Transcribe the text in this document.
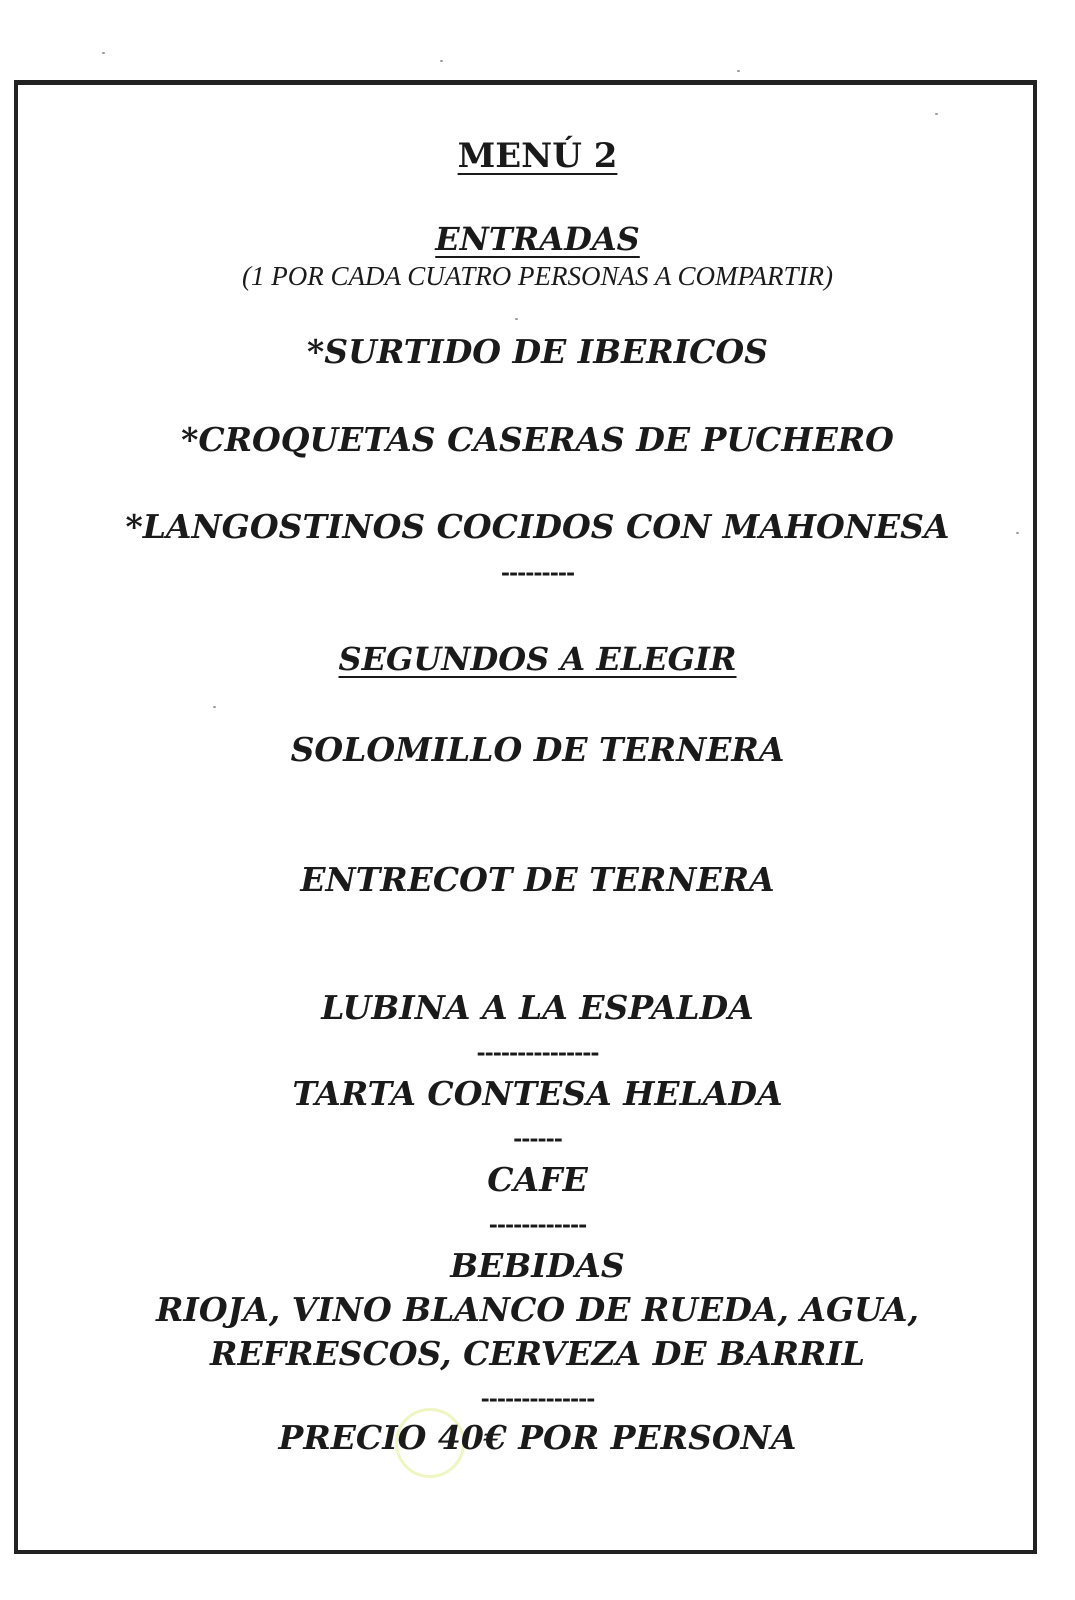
MENÚ 2
ENTRADAS
(1 POR CADA CUATRO PERSONAS A COMPARTIR)
*SURTIDO DE IBERICOS
*CROQUETAS CASERAS DE PUCHERO
*LANGOSTINOS COCIDOS CON MAHONESA
---------
SEGUNDOS A ELEGIR
SOLOMILLO DE TERNERA
ENTRECOT DE TERNERA
LUBINA A LA ESPALDA
---------------
TARTA CONTESA HELADA
------
CAFE
------------
BEBIDAS
RIOJA, VINO BLANCO DE RUEDA, AGUA,
REFRESCOS, CERVEZA DE BARRIL
--------------
PRECIO 40€ POR PERSONA
